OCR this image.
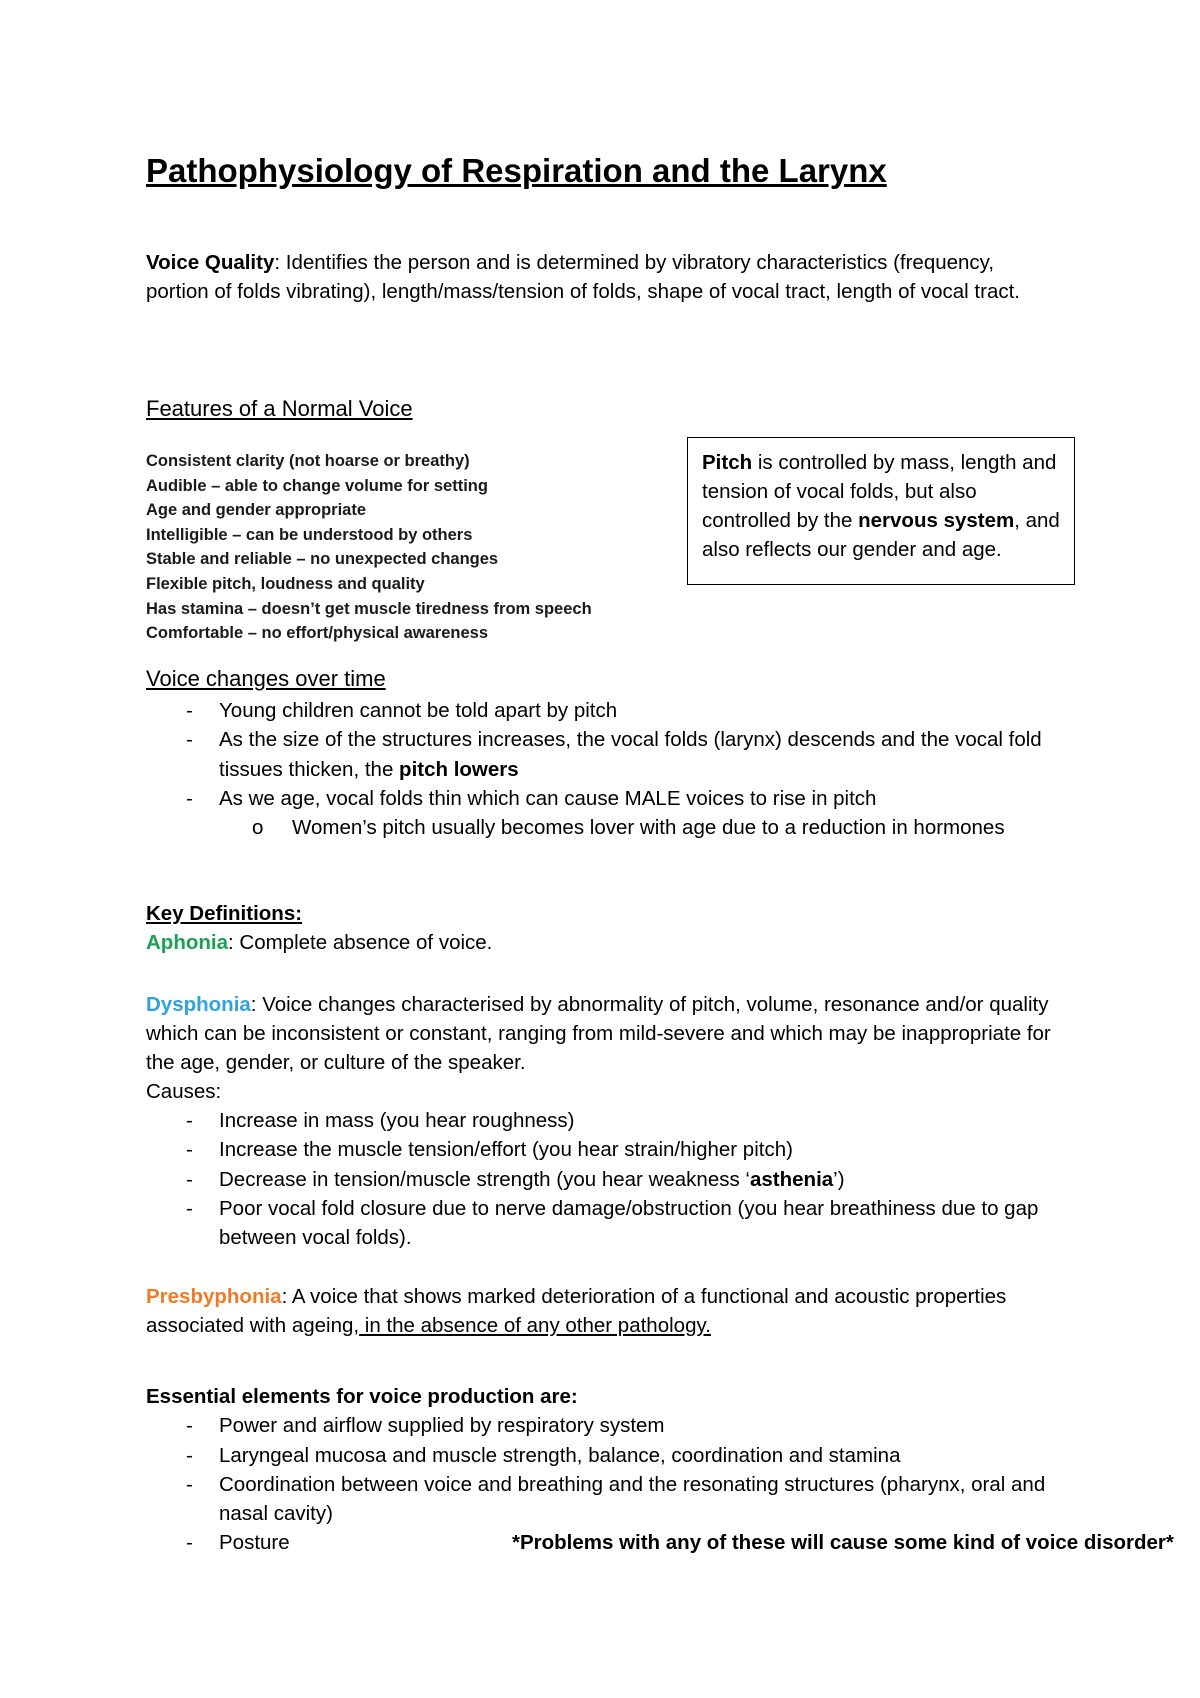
Pathophysiology of Respiration and the Larynx
Voice Quality: Identifies the person and is determined by vibratory characteristics (frequency, portion of folds vibrating), length/mass/tension of folds, shape of vocal tract, length of vocal tract.
Features of a Normal Voice
Consistent clarity (not hoarse or breathy)
Audible – able to change volume for setting
Age and gender appropriate
Intelligible – can be understood by others
Stable and reliable – no unexpected changes
Flexible pitch, loudness and quality
Has stamina – doesn’t get muscle tiredness from speech
Comfortable – no effort/physical awareness
Pitch is controlled by mass, length and tension of vocal folds, but also controlled by the nervous system, and also reflects our gender and age.
Voice changes over time
- Young children cannot be told apart by pitch
- As the size of the structures increases, the vocal folds (larynx) descends and the vocal fold tissues thicken, the pitch lowers
- As we age, vocal folds thin which can cause MALE voices to rise in pitch
o Women’s pitch usually becomes lover with age due to a reduction in hormones
Key Definitions:
Aphonia: Complete absence of voice.
Dysphonia: Voice changes characterised by abnormality of pitch, volume, resonance and/or quality which can be inconsistent or constant, ranging from mild-severe and which may be inappropriate for the age, gender, or culture of the speaker.
Causes:
- Increase in mass (you hear roughness)
- Increase the muscle tension/effort (you hear strain/higher pitch)
- Decrease in tension/muscle strength (you hear weakness ‘asthenia’)
- Poor vocal fold closure due to nerve damage/obstruction (you hear breathiness due to gap between vocal folds).
Presbyphonia: A voice that shows marked deterioration of a functional and acoustic properties associated with ageing, in the absence of any other pathology.
Essential elements for voice production are:
- Power and airflow supplied by respiratory system
- Laryngeal mucosa and muscle strength, balance, coordination and stamina
- Coordination between voice and breathing and the resonating structures (pharynx, oral and nasal cavity)
- Posture	*Problems with any of these will cause some kind of voice disorder*
